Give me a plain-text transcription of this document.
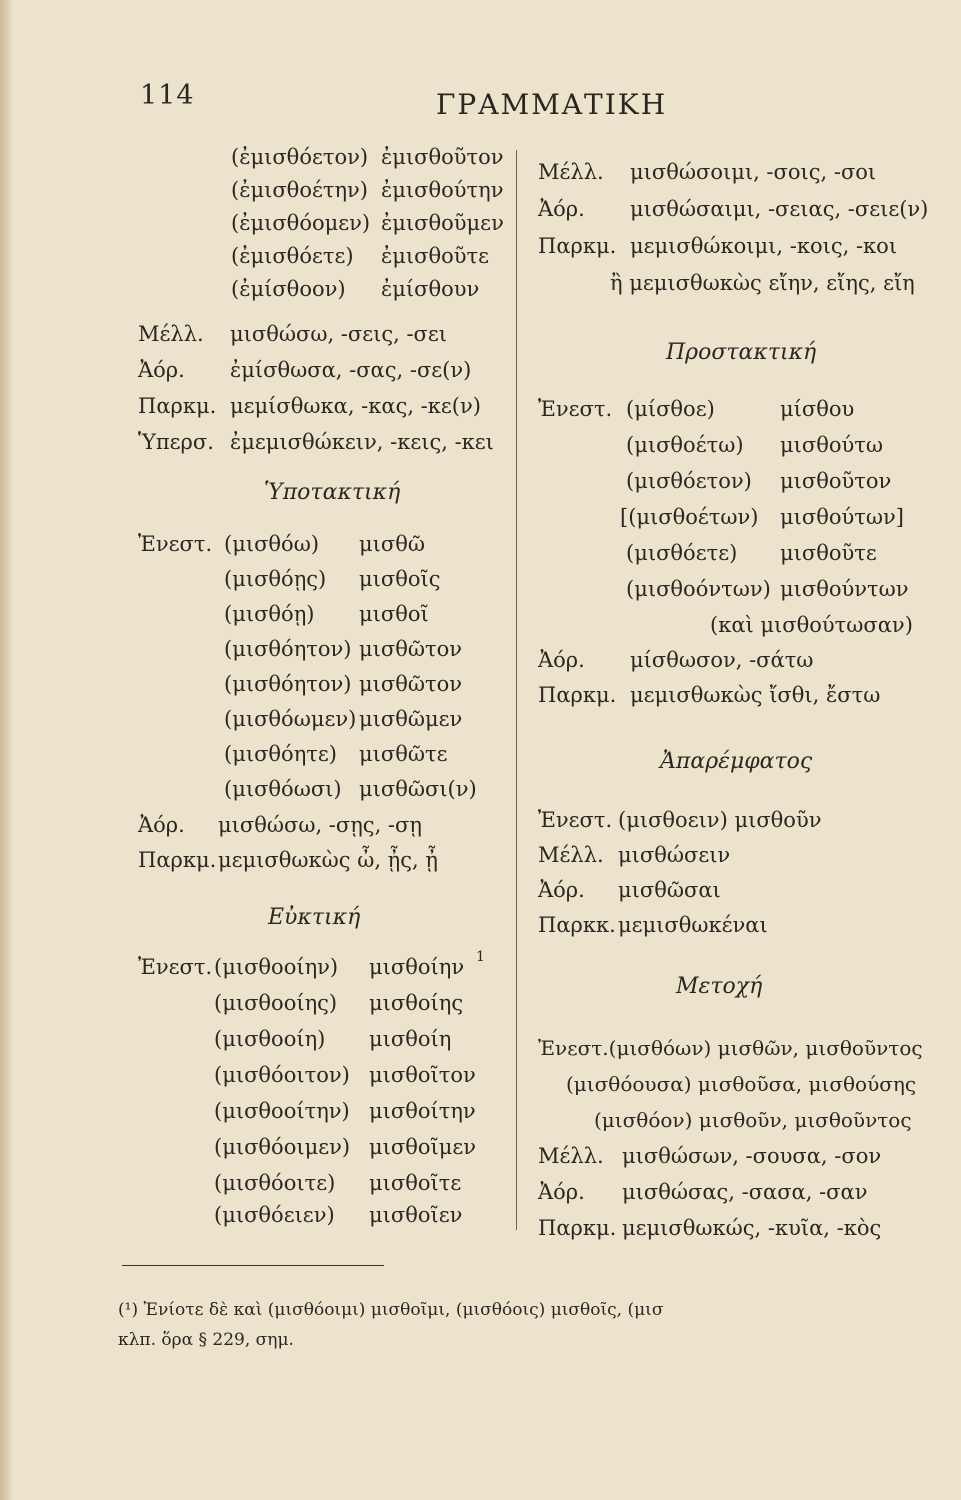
114	ΓΡΑΜΜΑΤΙΚΗ
(ἐμισθόετον) ἐμισθοῦτον
(ἐμισθοέτην) ἐμισθούτην
(ἐμισθόομεν) ἐμισθοῦμεν
(ἐμισθόετε) ἐμισθοῦτε
(ἐμίσθοον) ἐμίσθουν
Μέλλ. μισθώσω, -σεις, -σει
Ἀόρ. ἐμίσθωσα, -σας, -σε(ν)
Παρκμ. μεμίσθωκα, -κας, -κε(ν)
Ὑπερσ. ἐμεμισθώκειν, -κεις, -κει
Ὑποτακτική
Ἐνεστ. (μισθόω) μισθῶ
(μισθόῃς) μισθοῖς
(μισθόῃ) μισθοῖ
(μισθόητον) μισθῶτον
(μισθόητον) μισθῶτον
(μισθόωμεν) μισθῶμεν
(μισθόητε) μισθῶτε
(μισθόωσι) μισθῶσι(ν)
Ἀόρ. μισθώσω, -σῃς, -σῃ
Παρκμ. μεμισθωκὼς ὦ, ᾖς, ᾖ
Εὐκτική
Ἐνεστ. (μισθοοίην) μισθοίην 1
(μισθοοίης) μισθοίης
(μισθοοίη) μισθοίη
(μισθόοιτον) μισθοῖτον
(μισθοοίτην) μισθοίτην
(μισθόοιμεν) μισθοῖμεν
(μισθόοιτε) μισθοῖτε
(μισθόειεν) μισθοῖεν
Μέλλ. μισθώσοιμι, -σοις, -σοι
Ἀόρ. μισθώσαιμι, -σειας, -σειε(ν)
Παρκμ. μεμισθώκοιμι, -κοις, -κοι
ἢ μεμισθωκὼς εἴην, εἴης, εἴη
Προστακτική
Ἐνεστ. (μίσθοε)	μίσθου
(μισθοέτω) μισθούτω
(μισθόετον) μισθοῦτον
[(μισθοέτων) μισθούτων]
(μισθόετε) μισθοῦτε
(μισθοόντων) μισθούντων
(καὶ μισθούτωσαν)
Ἀόρ. μίσθωσον, -σάτω
Παρκμ. μεμισθωκὼς ἴσθι, ἔστω
Ἀπαρέμφατος
Ἐνεστ. (μισθοειν) μισθοῦν
Μέλλ. μισθώσειν
Ἀόρ. μισθῶσαι
Παρκκ. μεμισθωκέναι
Μετοχή
Ἐνεστ.(μισθόων) μισθῶν, μισθοῦντος
(μισθόουσα) μισθοῦσα, μισθούσης
(μισθόον) μισθοῦν, μισθοῦντος
Μέλλ. μισθώσων, -σουσα, -σον
Ἀόρ. μισθώσας, -σασα, -σαν
Παρκμ. μεμισθωκώς, -κυῖα, -κὸς
(¹) Ἐνίοτε δὲ καὶ (μισθόοιμι) μισθοῖμι, (μισθόοις) μισθοῖς, (μισ
κλπ. ὅρα § 229, σημ.
